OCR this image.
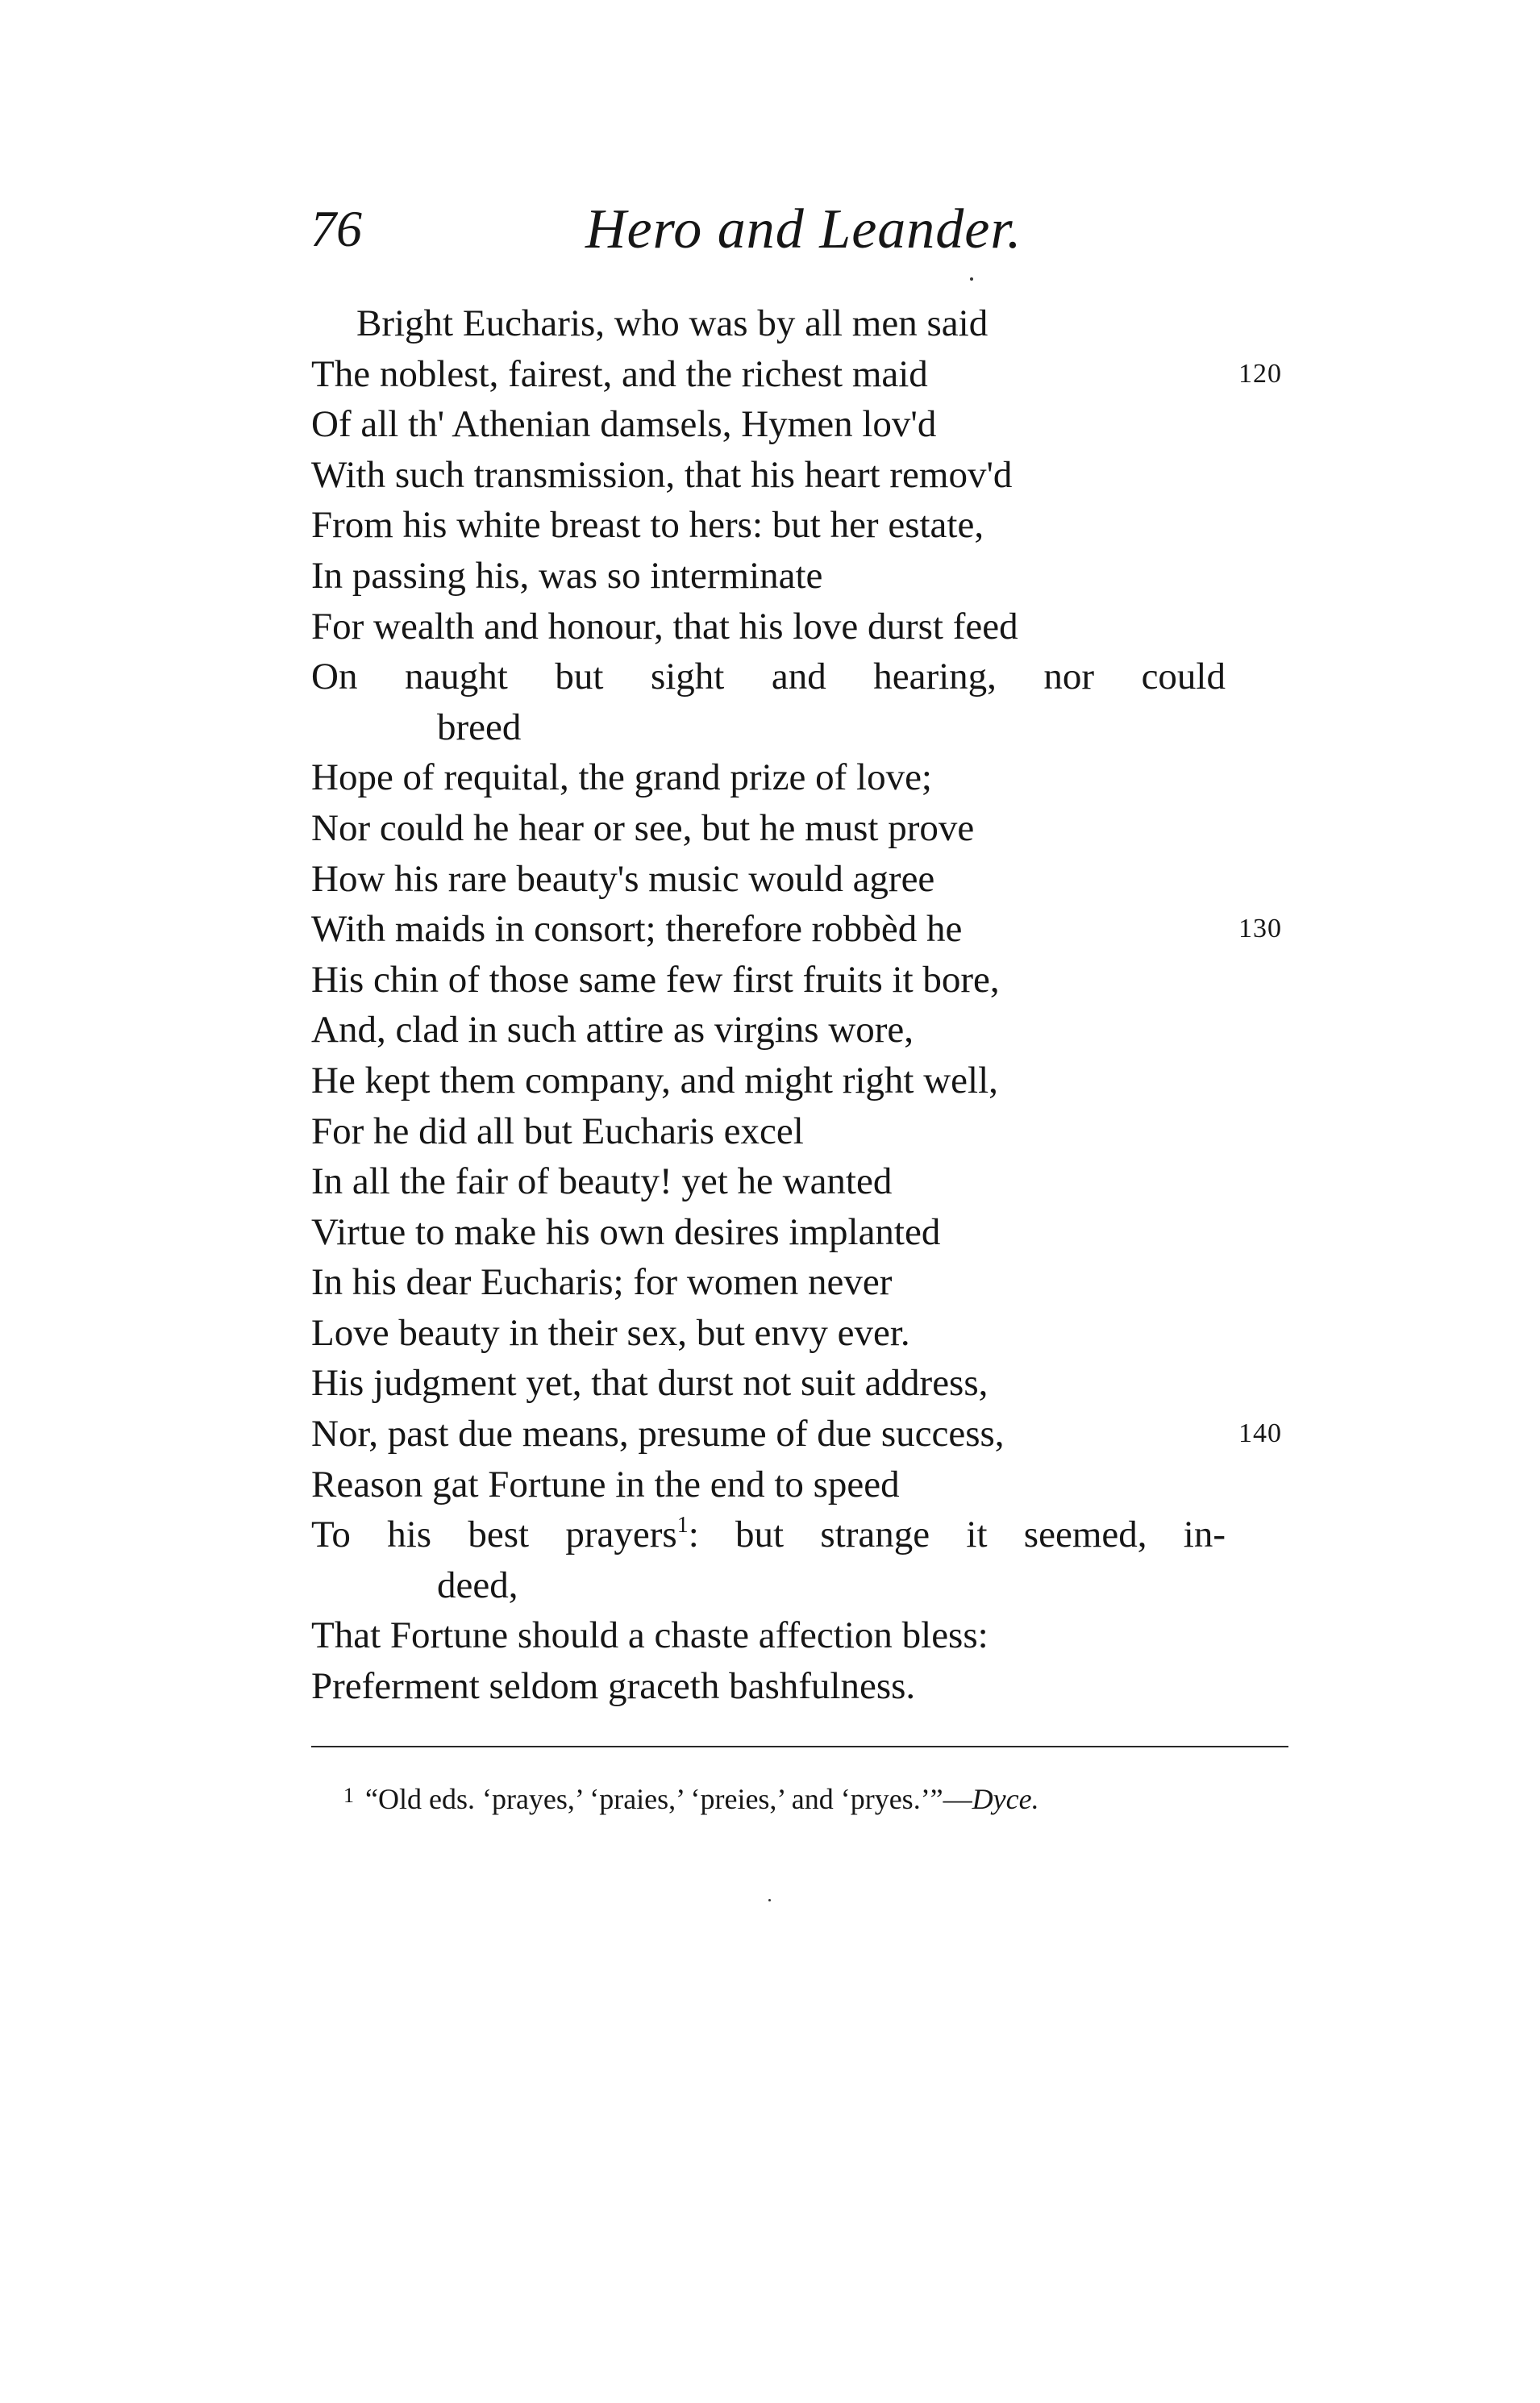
76	Hero and Leander.
Bright Eucharis, who was by all men said
The noblest, fairest, and the richest maid	120
Of all th' Athenian damsels, Hymen lov'd
With such transmission, that his heart remov'd
From his white breast to hers: but her estate,
In passing his, was so interminate
For wealth and honour, that his love durst feed
On naught but sight and hearing, nor could
breed
Hope of requital, the grand prize of love;
Nor could he hear or see, but he must prove
How his rare beauty's music would agree
With maids in consort; therefore robbèd he	130
His chin of those same few first fruits it bore,
And, clad in such attire as virgins wore,
He kept them company, and might right well,
For he did all but Eucharis excel
In all the fair of beauty! yet he wanted
Virtue to make his own desires implanted
In his dear Eucharis; for women never
Love beauty in their sex, but envy ever.
His judgment yet, that durst not suit address,
Nor, past due means, presume of due success,	140
Reason gat Fortune in the end to speed
To his best prayers$^1$: but strange it seemed, in-
deed,
That Fortune should a chaste affection bless:
Preferment seldom graceth bashfulness.
$^1$ “Old eds. ‘prayes,’ ‘praies,’ ‘preies,’ and ‘pryes.’”—Dyce.
